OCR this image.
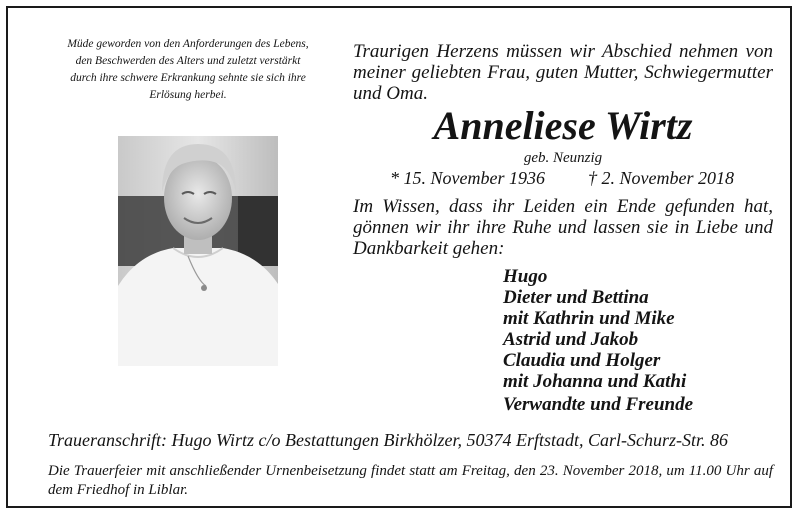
Müde geworden von den Anforderungen des Lebens,
den Beschwerden des Alters und zuletzt verstärkt
durch ihre schwere Erkrankung sehnte sie sich ihre
Erlösung herbei.
Traurigen Herzens müssen wir Abschied nehmen von meiner geliebten Frau, guten Mutter, Schwiegermutter und Oma.
Anneliese Wirtz
geb. Neunzig
* 15. November 1936 † 2. November 2018
Im Wissen, dass ihr Leiden ein Ende gefunden hat, gönnen wir ihr ihre Ruhe und lassen sie in Liebe und Dankbarkeit gehen:
Hugo
Dieter und Bettina
mit Kathrin und Mike
Astrid und Jakob
Claudia und Holger
mit Johanna und Kathi
Verwandte und Freunde
Traueranschrift: Hugo Wirtz c/o Bestattungen Birkhölzer, 50374 Erftstadt, Carl-Schurz-Str. 86
Die Trauerfeier mit anschließender Urnenbeisetzung findet statt am Freitag, den 23. November 2018, um 11.00 Uhr auf dem Friedhof in Liblar.
